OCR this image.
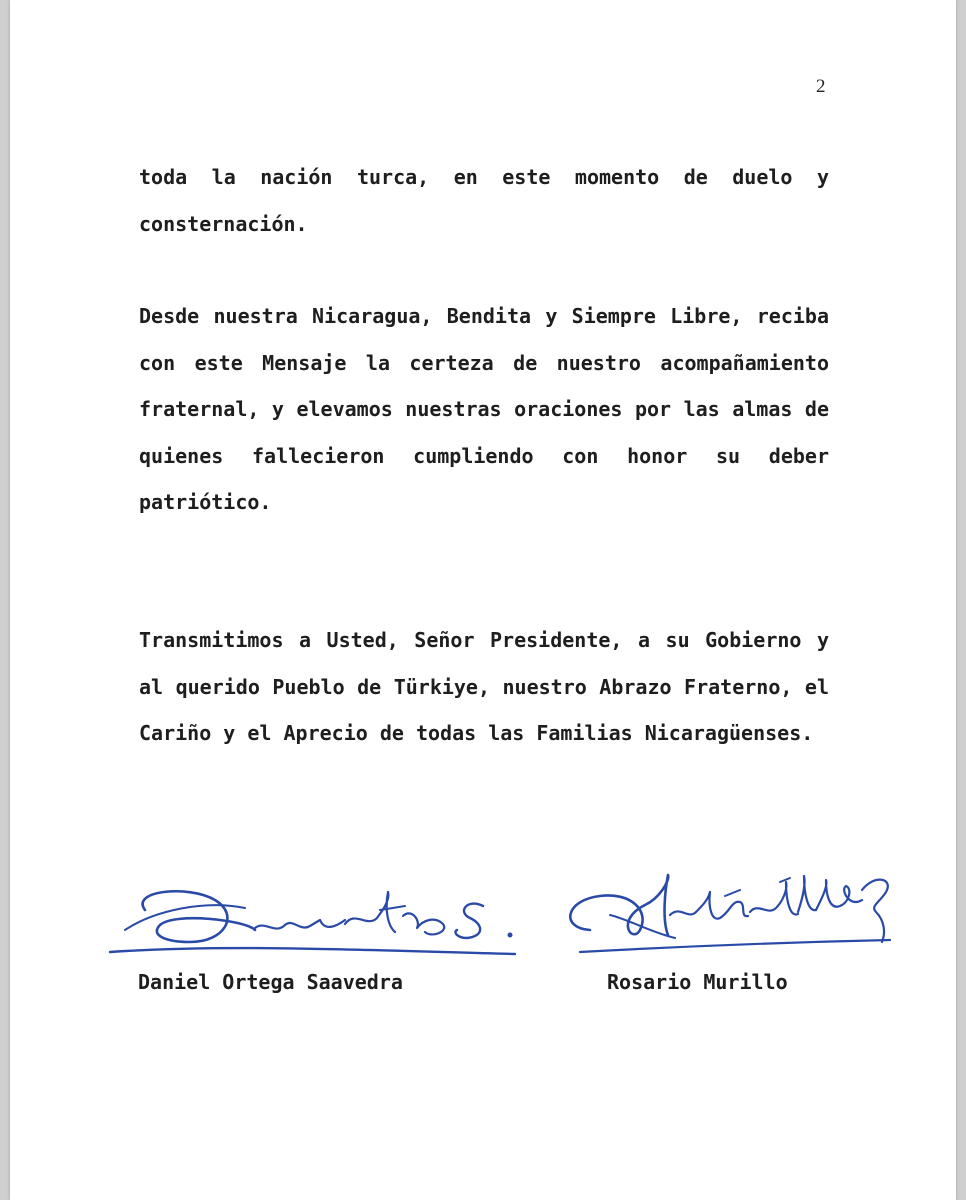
2

toda la nación turca, en este momento de duelo y consternación.

Desde nuestra Nicaragua, Bendita y Siempre Libre, reciba con este Mensaje la certeza de nuestro acompañamiento fraternal, y elevamos nuestras oraciones por las almas de quienes fallecieron cumpliendo con honor su deber patriótico.

Transmitimos a Usted, Señor Presidente, a su Gobierno y al querido Pueblo de Türkiye, nuestro Abrazo Fraterno, el Cariño y el Aprecio de todas las Familias Nicaragüenses.

Daniel Ortega Saavedra	Rosario Murillo
